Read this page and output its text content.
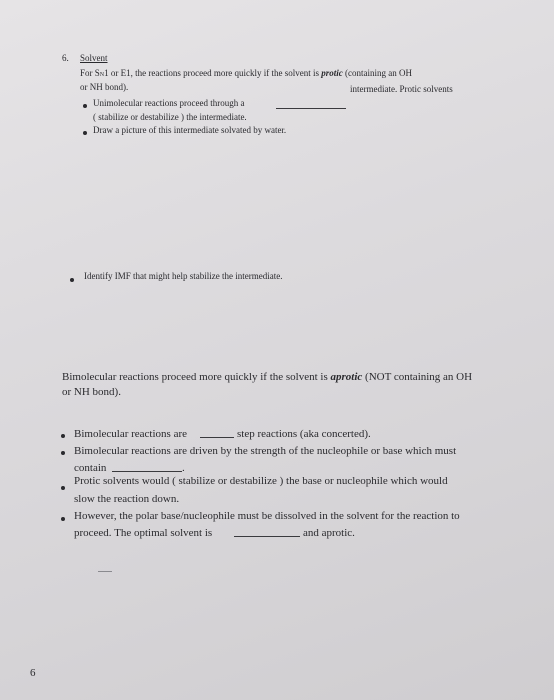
6. Solvent
For SN1 or E1, the reactions proceed more quickly if the solvent is protic (containing an OH
or NH bond).
Unimolecular reactions proceed through a
intermediate. Protic solvents
( stabilize or destabilize ) the intermediate.
Draw a picture of this intermediate solvated by water.
Identify IMF that might help stabilize the intermediate.
Bimolecular reactions proceed more quickly if the solvent is aprotic (NOT containing an OH
or NH bond).
Bimolecular reactions are	step reactions (aka concerted).
Bimolecular reactions are driven by the strength of the nucleophile or base which must
contain	.
Protic solvents would ( stabilize or destabilize ) the base or nucleophile which would
slow the reaction down.
However, the polar base/nucleophile must be dissolved in the solvent for the reaction to
proceed. The optimal solvent is	and aprotic.
6
